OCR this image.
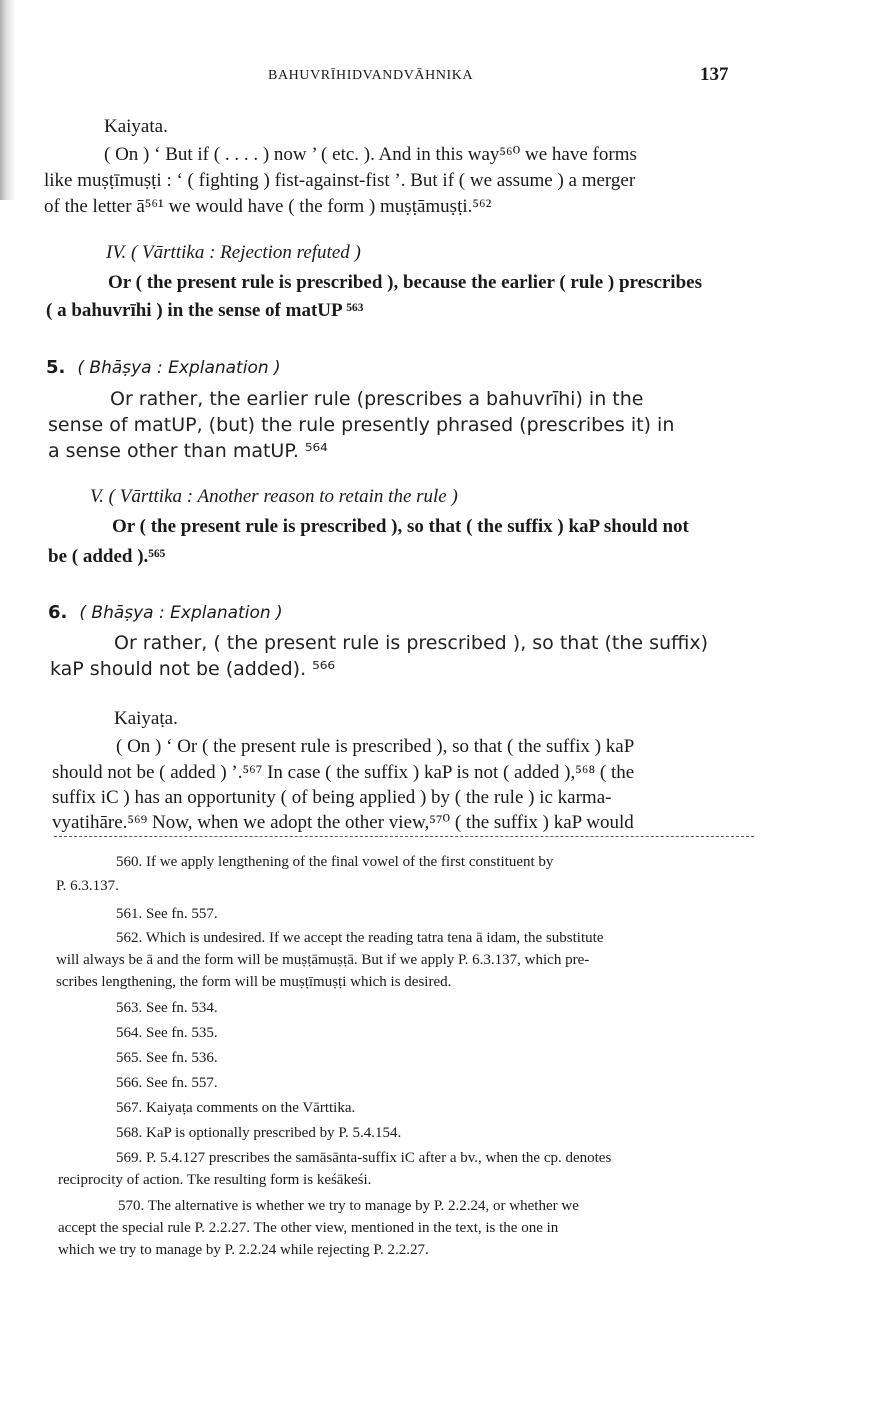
BAHUVRĪHIDVANDVĀHNIKA	137
Kaiyata.
( On ) ‘ But if ( . . . . ) now ’ ( etc. ). And in this way⁵⁶⁰ we have forms
like muṣṭīmuṣṭi : ‘ ( fighting ) fist-against-fist ’. But if ( we assume ) a merger
of the letter ā⁵⁶¹ we would have ( the form ) muṣṭāmuṣṭi.⁵⁶²
IV. ( Vārttika : Rejection refuted )
Or ( the present rule is prescribed ), because the earlier ( rule ) prescribes
( a bahuvrīhi ) in the sense of matUP ⁵⁶³
5. ( Bhāṣya : Explanation )
Or rather, the earlier rule (prescribes a bahuvrīhi) in the
sense of matUP, (but) the rule presently phrased (prescribes it) in
a sense other than matUP. ⁵⁶⁴
V. ( Vārttika : Another reason to retain the rule )
Or ( the present rule is prescribed ), so that ( the suffix ) kaP should not
be ( added ).⁵⁶⁵
6. ( Bhāṣya : Explanation )
Or rather, ( the present rule is prescribed ), so that (the suffix)
kaP should not be (added). ⁵⁶⁶
Kaiyaṭa.
( On ) ‘ Or ( the present rule is prescribed ), so that ( the suffix ) kaP
should not be ( added ) ’.⁵⁶⁷ In case ( the suffix ) kaP is not ( added ),⁵⁶⁸ ( the
suffix iC ) has an opportunity ( of being applied ) by ( the rule ) ic karma-
vyatihāre.⁵⁶⁹ Now, when we adopt the other view,⁵⁷⁰ ( the suffix ) kaP would
560. If we apply lengthening of the final vowel of the first constituent by
P. 6.3.137.
561. See fn. 557.
562. Which is undesired. If we accept the reading tatra tena ā idam, the substitute
will always be ā and the form will be muṣṭāmuṣṭā. But if we apply P. 6.3.137, which pre-
scribes lengthening, the form will be muṣṭīmuṣṭi which is desired.
563. See fn. 534.
564. See fn. 535.
565. See fn. 536.
566. See fn. 557.
567. Kaiyaṭa comments on the Vārttika.
568. KaP is optionally prescribed by P. 5.4.154.
569. P. 5.4.127 prescribes the samāsānta-suffix iC after a bv., when the cp. denotes
reciprocity of action. Tke resulting form is keśākeśi.
570. The alternative is whether we try to manage by P. 2.2.24, or whether we
accept the special rule P. 2.2.27. The other view, mentioned in the text, is the one in
which we try to manage by P. 2.2.24 while rejecting P. 2.2.27.
